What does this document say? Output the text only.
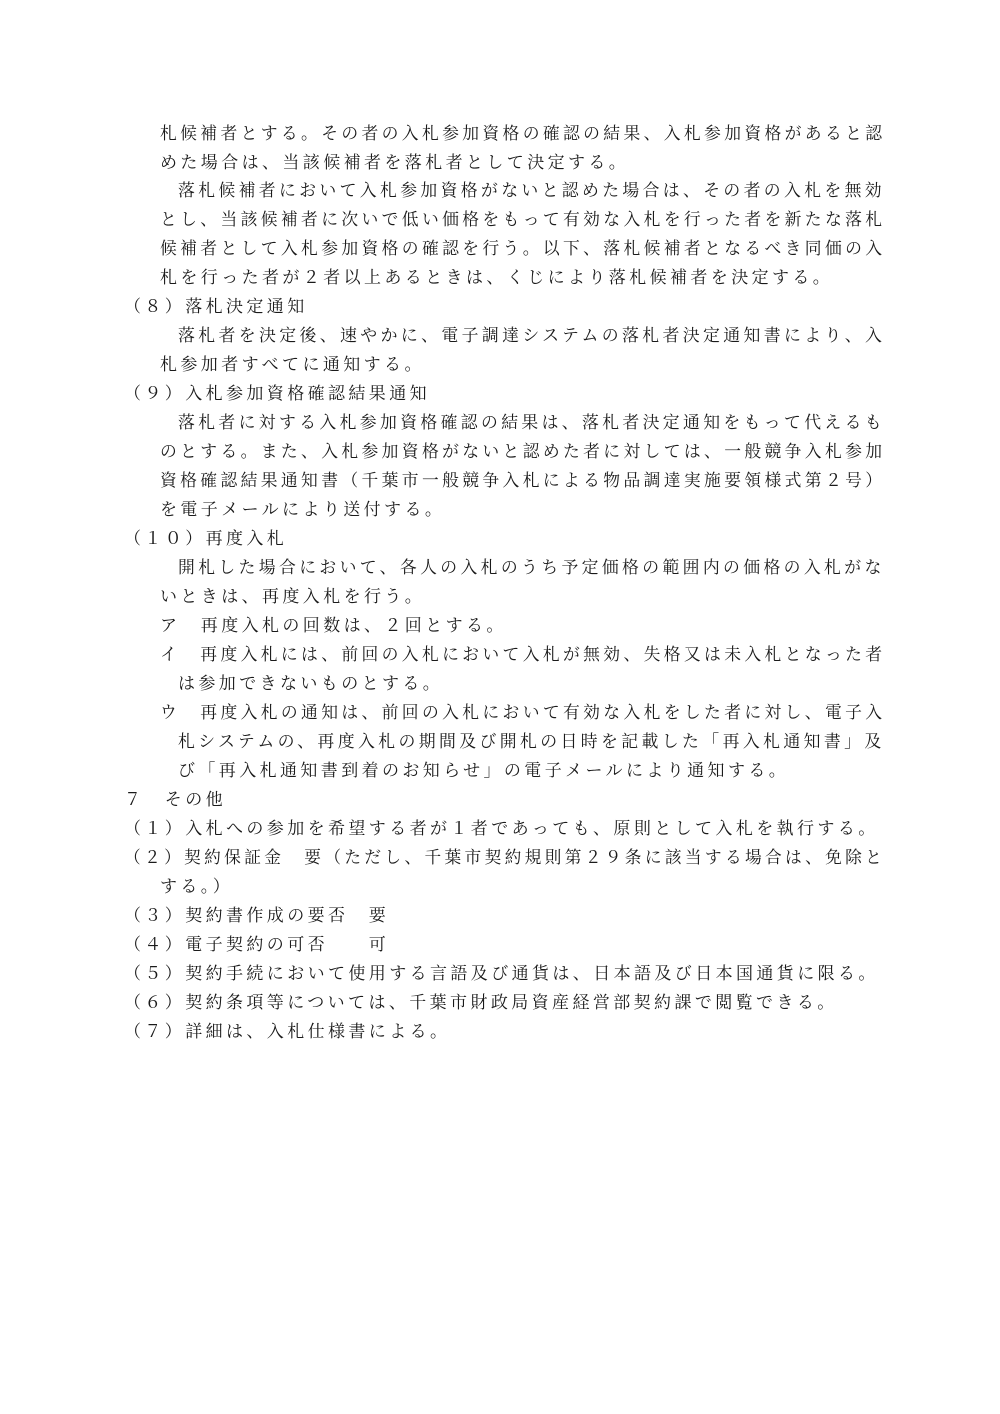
札候補者とする。その者の入札参加資格の確認の結果、入札参加資格があると認
めた場合は、当該候補者を落札者として決定する。
落札候補者において入札参加資格がないと認めた場合は、その者の入札を無効
とし、当該候補者に次いで低い価格をもって有効な入札を行った者を新たな落札
候補者として入札参加資格の確認を行う。以下、落札候補者となるべき同価の入
札を行った者が２者以上あるときは、くじにより落札候補者を決定する。
（８）落札決定通知
落札者を決定後、速やかに、電子調達システムの落札者決定通知書により、入
札参加者すべてに通知する。
（９）入札参加資格確認結果通知
落札者に対する入札参加資格確認の結果は、落札者決定通知をもって代えるも
のとする。また、入札参加資格がないと認めた者に対しては、一般競争入札参加
資格確認結果通知書（千葉市一般競争入札による物品調達実施要領様式第２号）
を電子メールにより送付する。
（１０）再度入札
開札した場合において、各人の入札のうち予定価格の範囲内の価格の入札がな
いときは、再度入札を行う。
ア　再度入札の回数は、２回とする。
イ　再度入札には、前回の入札において入札が無効、失格又は未入札となった者
は参加できないものとする。
ウ　再度入札の通知は、前回の入札において有効な入札をした者に対し、電子入
札システムの、再度入札の期間及び開札の日時を記載した「再入札通知書」及
び「再入札通知書到着のお知らせ」の電子メールにより通知する。
７　その他
（１）入札への参加を希望する者が１者であっても、原則として入札を執行する。
（２）契約保証金　要（ただし、千葉市契約規則第２９条に該当する場合は、免除と
する。）
（３）契約書作成の要否　要
（４）電子契約の可否　　可
（５）契約手続において使用する言語及び通貨は、日本語及び日本国通貨に限る。
（６）契約条項等については、千葉市財政局資産経営部契約課で閲覧できる。
（７）詳細は、入札仕様書による。
